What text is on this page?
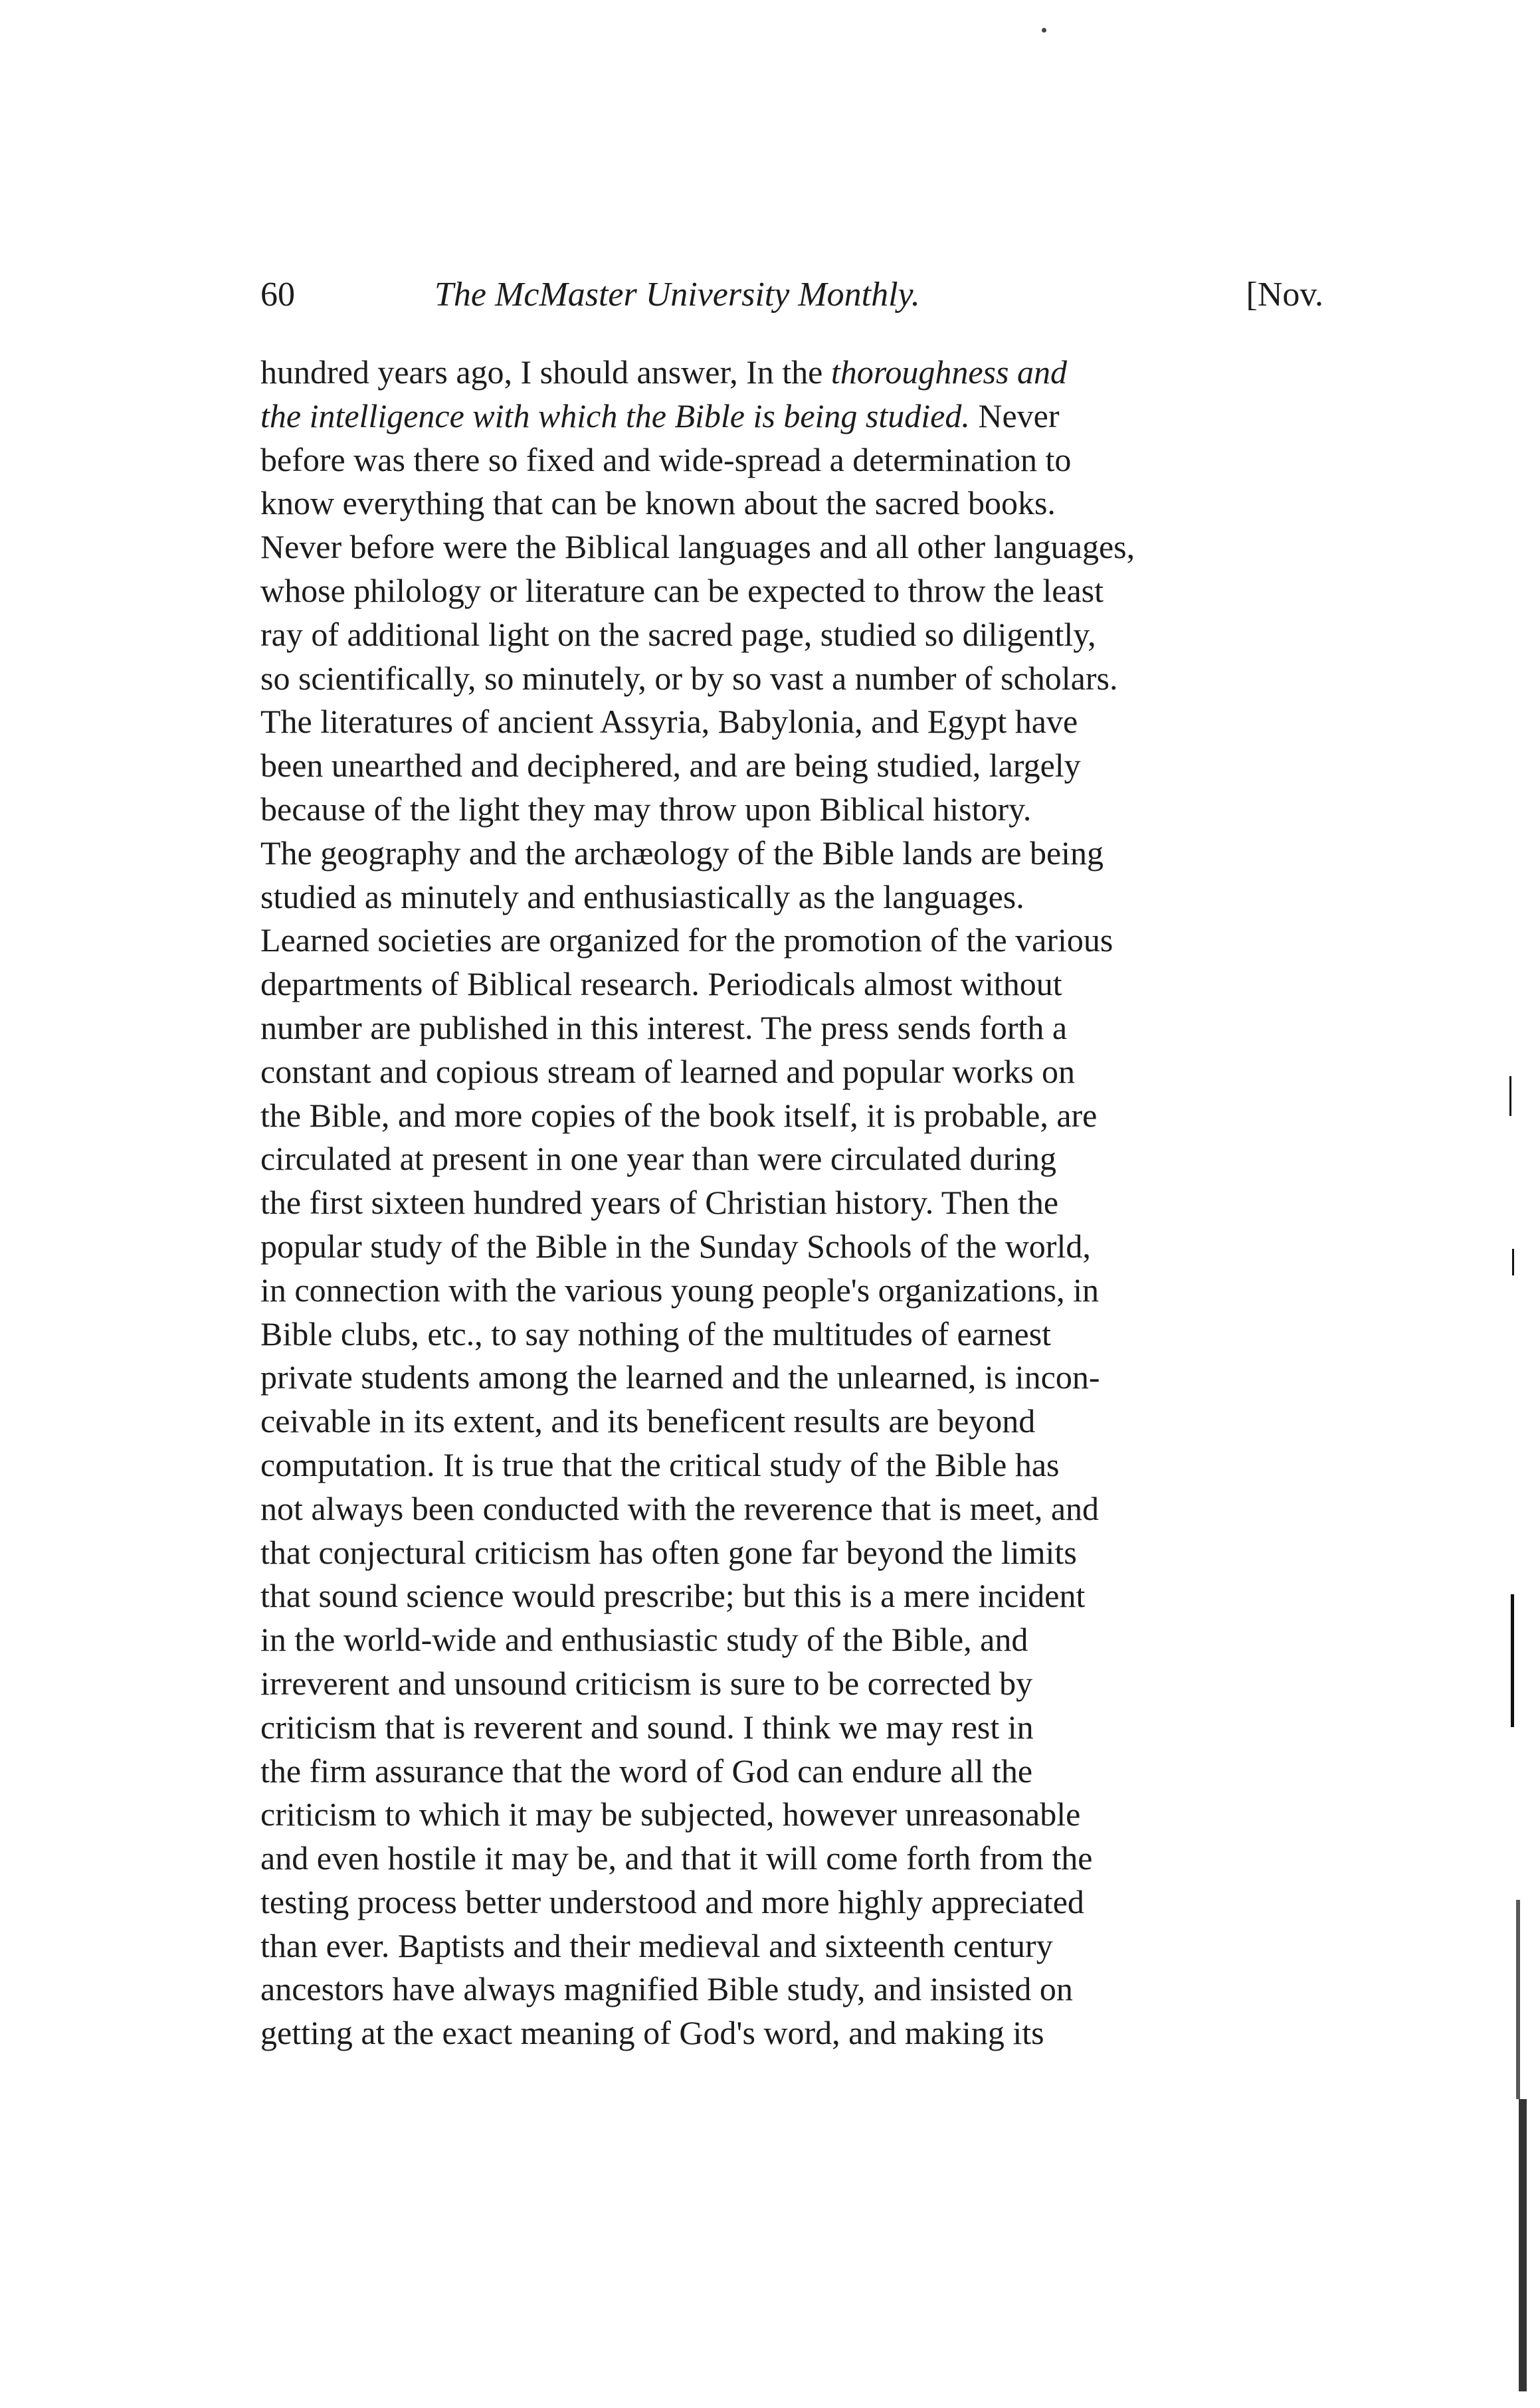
60	The McMaster University Monthly.	[Nov.
hundred years ago, I should answer, In the thoroughness and
the intelligence with which the Bible is being studied. Never
before was there so fixed and wide-spread a determination to
know everything that can be known about the sacred books.
Never before were the Biblical languages and all other languages,
whose philology or literature can be expected to throw the least
ray of additional light on the sacred page, studied so diligently,
so scientifically, so minutely, or by so vast a number of scholars.
The literatures of ancient Assyria, Babylonia, and Egypt have
been unearthed and deciphered, and are being studied, largely
because of the light they may throw upon Biblical history.
The geography and the archæology of the Bible lands are being
studied as minutely and enthusiastically as the languages.
Learned societies are organized for the promotion of the various
departments of Biblical research. Periodicals almost without
number are published in this interest. The press sends forth a
constant and copious stream of learned and popular works on
the Bible, and more copies of the book itself, it is probable, are
circulated at present in one year than were circulated during
the first sixteen hundred years of Christian history. Then the
popular study of the Bible in the Sunday Schools of the world,
in connection with the various young people's organizations, in
Bible clubs, etc., to say nothing of the multitudes of earnest
private students among the learned and the unlearned, is incon-
ceivable in its extent, and its beneficent results are beyond
computation. It is true that the critical study of the Bible has
not always been conducted with the reverence that is meet, and
that conjectural criticism has often gone far beyond the limits
that sound science would prescribe; but this is a mere incident
in the world-wide and enthusiastic study of the Bible, and
irreverent and unsound criticism is sure to be corrected by
criticism that is reverent and sound. I think we may rest in
the firm assurance that the word of God can endure all the
criticism to which it may be subjected, however unreasonable
and even hostile it may be, and that it will come forth from the
testing process better understood and more highly appreciated
than ever. Baptists and their medieval and sixteenth century
ancestors have always magnified Bible study, and insisted on
getting at the exact meaning of God's word, and making its
